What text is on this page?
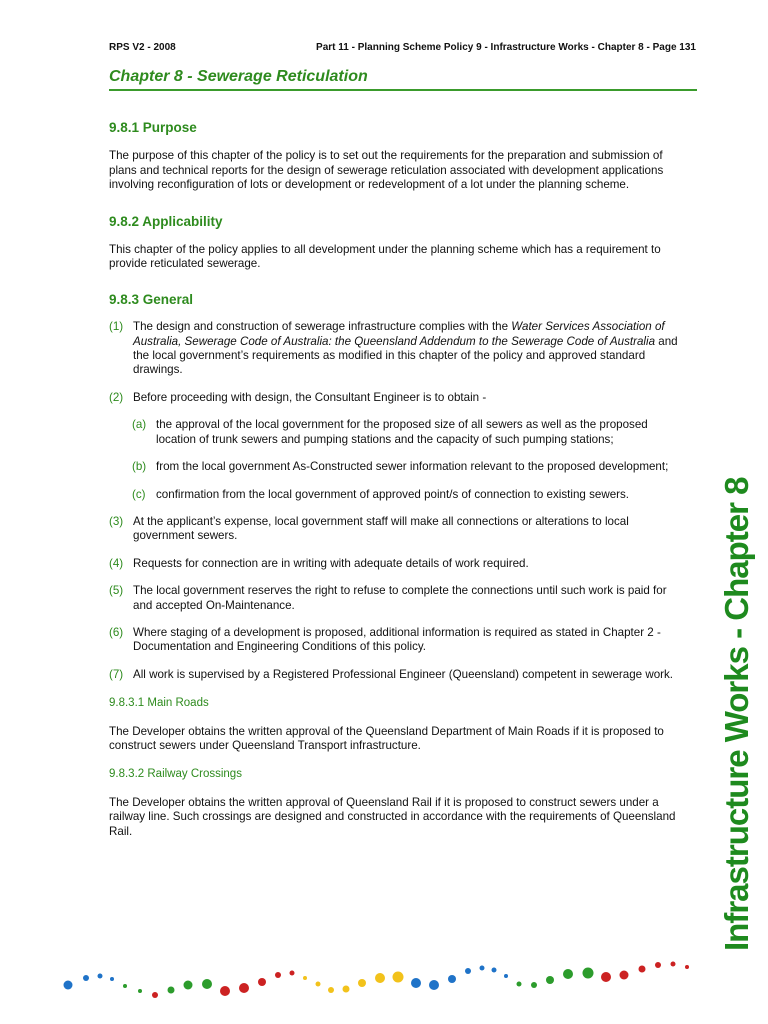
RPS V2 - 2008	Part 11 - Planning Scheme Policy 9 - Infrastructure Works - Chapter 8 - Page 131
Chapter 8 - Sewerage Reticulation
9.8.1 Purpose

The purpose of this chapter of the policy is to set out the requirements for the preparation and submission of plans and technical reports for the design of sewerage reticulation associated with development applications involving reconfiguration of lots or development or redevelopment of a lot under the planning scheme.

9.8.2 Applicability

This chapter of the policy applies to all development under the planning scheme which has a requirement to provide reticulated sewerage.

9.8.3 General
(1) The design and construction of sewerage infrastructure complies with the Water Services Association of Australia, Sewerage Code of Australia: the Queensland Addendum to the Sewerage Code of Australia and the local government’s requirements as modified in this chapter of the policy and approved standard drawings.
(2) Before proceeding with design, the Consultant Engineer is to obtain -
(a) the approval of the local government for the proposed size of all sewers as well as the proposed location of trunk sewers and pumping stations and the capacity of such pumping stations;
(b) from the local government As-Constructed sewer information relevant to the proposed development;
(c) confirmation from the local government of approved point/s of connection to existing sewers.
(3) At the applicant’s expense, local government staff will make all connections or alterations to local government sewers.
(4) Requests for connection are in writing with adequate details of work required.
(5) The local government reserves the right to refuse to complete the connections until such work is paid for and accepted On-Maintenance.
(6) Where staging of a development is proposed, additional information is required as stated in Chapter 2 - Documentation and Engineering Conditions of this policy.
(7) All work is supervised by a Registered Professional Engineer (Queensland) competent in sewerage work.
9.8.3.1 Main Roads

The Developer obtains the written approval of the Queensland Department of Main Roads if it is proposed to construct sewers under Queensland Transport infrastructure.

9.8.3.2 Railway Crossings

The Developer obtains the written approval of Queensland Rail if it is proposed to construct sewers under a railway line. Such crossings are designed and constructed in accordance with the requirements of Queensland Rail.	Infrastructure Works - Chapter 8
